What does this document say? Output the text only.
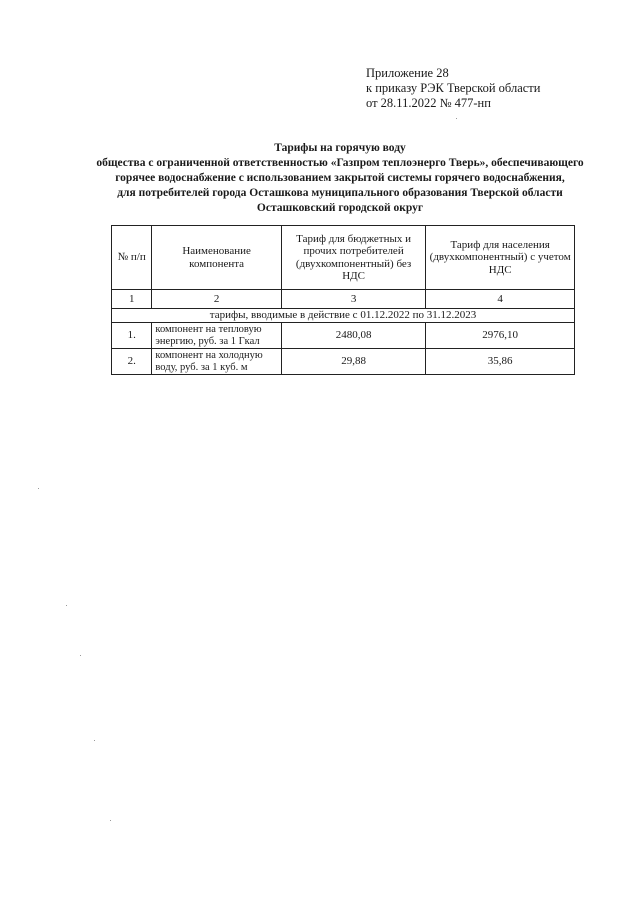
Приложение 28
к приказу РЭК Тверской области
от 28.11.2022 № 477-нп
Тарифы на горячую воду
общества с ограниченной ответственностью «Газпром теплоэнерго Тверь», обеспечивающего
горячее водоснабжение с использованием закрытой системы горячего водоснабжения,
для потребителей города Осташкова муниципального образования Тверской области
Осташковский городской округ
№ п/п	Наименование компонента	Тариф для бюджетных и прочих потребителей (двухкомпонентный) без НДС	Тариф для населения (двухкомпонентный) с учетом НДС
1	2	3	4
тарифы, вводимые в действие с 01.12.2022 по 31.12.2023			
1.	компонент на тепловую энергию, руб. за 1 Гкал	2480,08	2976,10
2.	компонент на холодную воду, руб. за 1 куб. м	29,88	35,86
